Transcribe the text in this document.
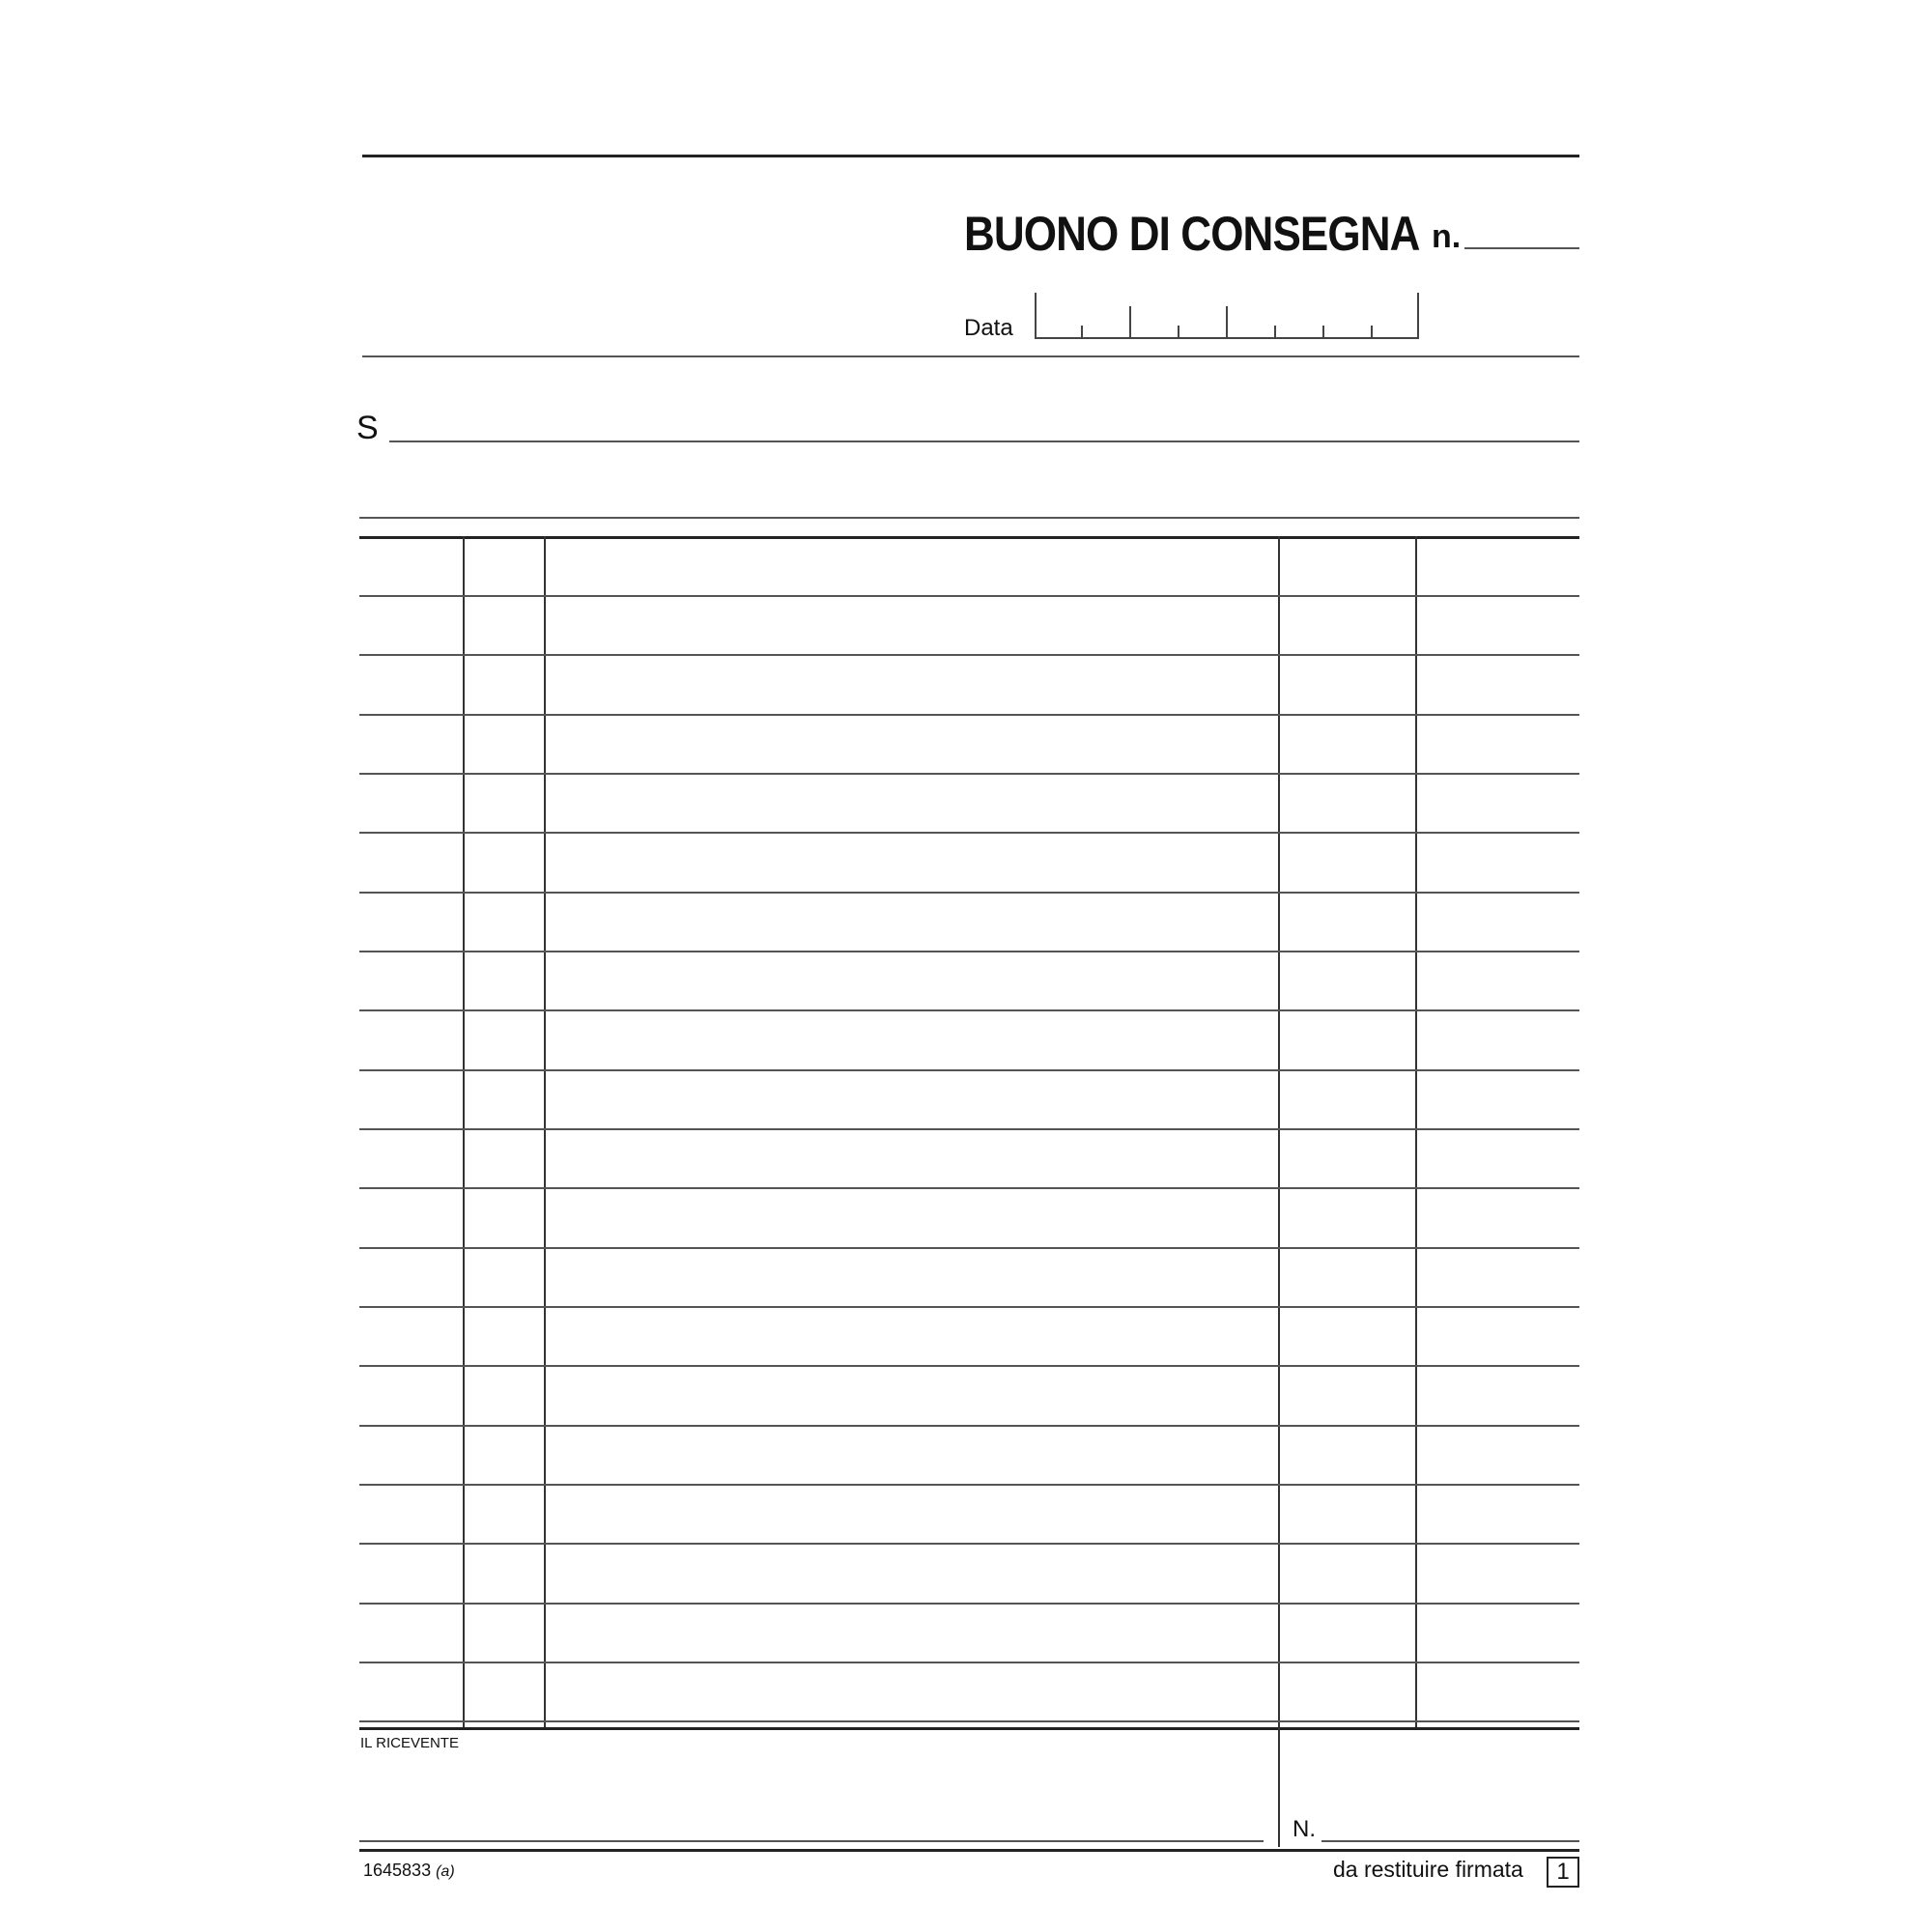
BUONO DI CONSEGNA n.
Data
S
IL RICEVENTE
N.
1645833 (a)	da restituire firmata	1
